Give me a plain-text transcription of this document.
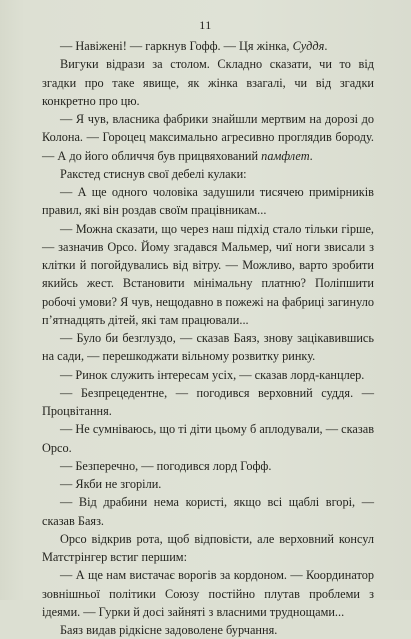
11

— Навіжені! — гаркнув Гофф. — Ця жінка, Суддя.

Вигуки відрази за столом. Складно сказати, чи то від згадки про таке явище, як жінка взагалі, чи від згадки конкретно про цю.

— Я чув, власника фабрики знайшли мертвим на дорозі до Колона. — Гороцец максимально агресивно проглядив бороду. — А до його обличчя був прицвяхований памфлет.

Ракстед стиснув свої дебелі кулаки:

— А ще одного чоловіка задушили тисячею примірників правил, які він роздав своїм працівникам...

— Можна сказати, що через наш підхід стало тільки гірше, — зазначив Орсо. Йому згадався Мальмер, чиї ноги звисали з клітки й погойдувались від вітру. — Можливо, варто зробити якийсь жест. Встановити мінімальну платню? Поліпшити робочі умови? Я чув, нещодавно в пожежі на фабриці загинуло п’ятнадцять дітей, які там працювали...

— Було би безглуздо, — сказав Баяз, знову зацікавившись на сади, — перешкоджати вільному розвитку ринку.

— Ринок служить інтересам усіх, — сказав лорд-канцлер.

— Безпрецедентне, — погодився верховний суддя. — Процвітання.

— Не сумніваюсь, що ті діти цьому б аплодували, — сказав Орсо.

— Безперечно, — погодився лорд Гофф.

— Якби не згоріли.

— Від драбини нема користі, якщо всі щаблі вгорі, — сказав Баяз.

Орсо відкрив рота, щоб відповісти, але верховний консул Матстрінгер встиг першим:

— А ще нам вистачає ворогів за кордоном. — Координатор зовнішньої політики Союзу постійно плутав проблеми з ідеями. — Гурки й досі зайняті з власними труднощами...

Баяз видав рідкісне задоволене бурчання.
